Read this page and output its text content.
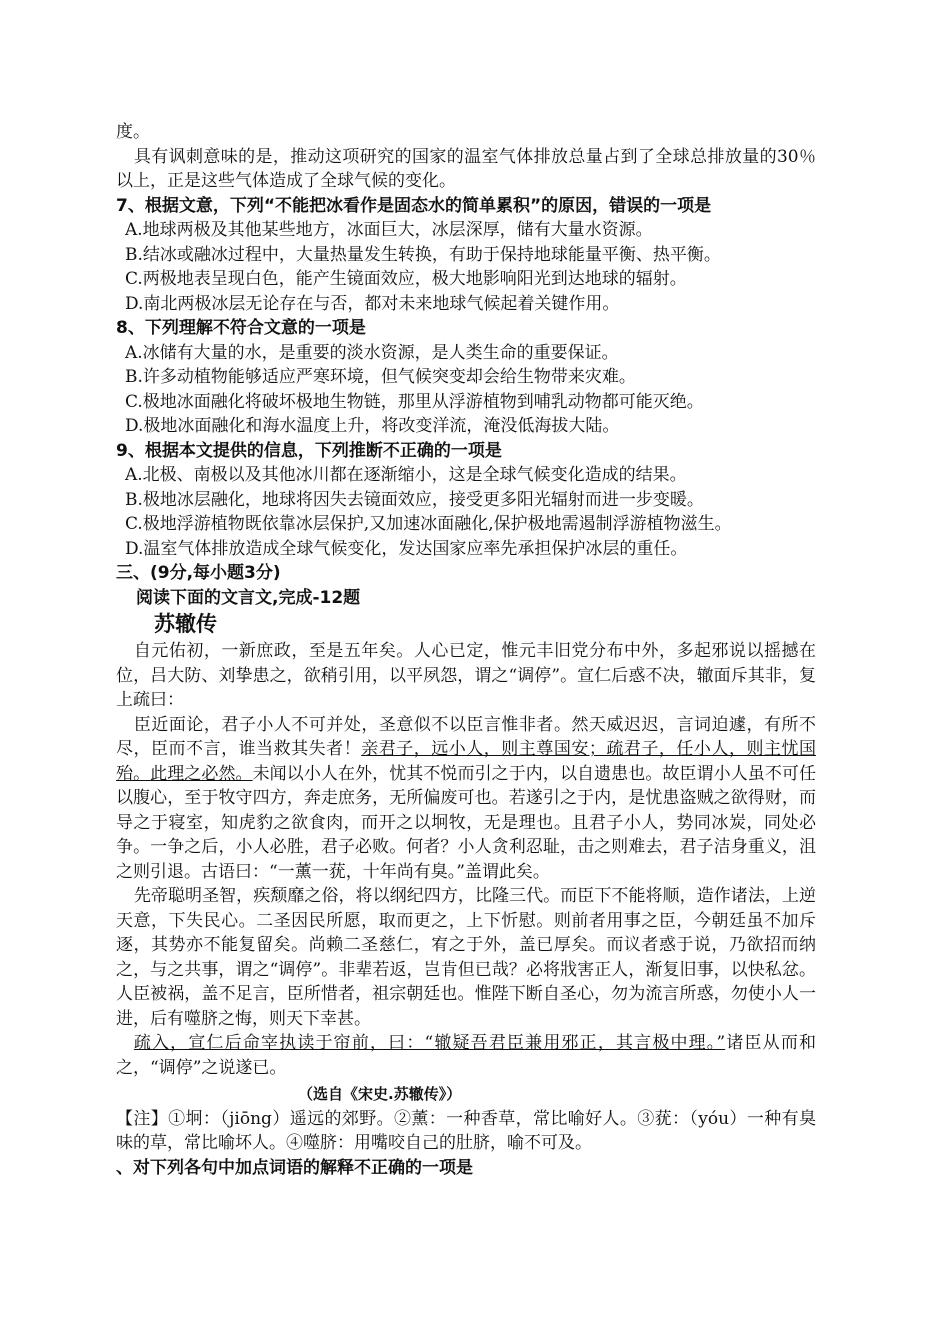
度。

具有讽刺意味的是，推动这项研究的国家的温室气体排放总量占到了全球总排放量的30％以上，正是这些气体造成了全球气候的变化。

7、根据文意，下列“不能把冰看作是固态水的简单累积”的原因，错误的一项是

A.地球两极及其他某些地方，冰面巨大，冰层深厚，储有大量水资源。

B.结冰或融冰过程中，大量热量发生转换，有助于保持地球能量平衡、热平衡。

C.两极地表呈现白色，能产生镜面效应，极大地影响阳光到达地球的辐射。

D.南北两极冰层无论存在与否，都对未来地球气候起着关键作用。

8、下列理解不符合文意的一项是

A.冰储有大量的水，是重要的淡水资源，是人类生命的重要保证。

B.许多动植物能够适应严寒环境，但气候突变却会给生物带来灾难。

C.极地冰面融化将破坏极地生物链，那里从浮游植物到哺乳动物都可能灭绝。

D.极地冰面融化和海水温度上升，将改变洋流，淹没低海拔大陆。

9、根据本文提供的信息，下列推断不正确的一项是

A.北极、南极以及其他冰川都在逐渐缩小，这是全球气候变化造成的结果。

B.极地冰层融化，地球将因失去镜面效应，接受更多阳光辐射而进一步变暖。

C.极地浮游植物既依靠冰层保护,又加速冰面融化,保护极地需遏制浮游植物滋生。

D.温室气体排放造成全球气候变化，发达国家应率先承担保护冰层的重任。

三、(9分,每小题3分)

阅读下面的文言文,完成-12题

苏辙传

自元佑初，一新庶政，至是五年矣。人心已定，惟元丰旧党分布中外，多起邪说以摇撼在位，吕大防、刘挚患之，欲稍引用，以平夙怨，谓之“调停”。宣仁后惑不决，辙面斥其非，复上疏曰：

臣近面论，君子小人不可并处，圣意似不以臣言惟非者。然天威迟迟，言词迫遽，有所不尽，臣而不言，谁当救其失者！亲君子，远小人，则主尊国安；疏君子，任小人，则主忧国殆。此理之必然。未闻以小人在外，忧其不悦而引之于内，以自遗患也。故臣谓小人虽不可任以腹心，至于牧守四方，奔走庶务，无所偏废可也。若遂引之于内，是忧患盗贼之欲得财，而导之于寝室，知虎豹之欲食肉，而开之以坰牧，无是理也。且君子小人，势同冰炭，同处必争。一争之后，小人必胜，君子必败。何者？小人贪利忍耻，击之则难去，君子洁身重义，沮之则引退。古语曰：“一薰一莸，十年尚有臭。”盖谓此矣。

先帝聪明圣智，疾颓靡之俗，将以纲纪四方，比隆三代。而臣下不能将顺，造作诸法，上逆天意，下失民心。二圣因民所愿，取而更之，上下忻慰。则前者用事之臣，今朝廷虽不加斥逐，其势亦不能复留矣。尚赖二圣慈仁，宥之于外，盖已厚矣。而议者惑于说，乃欲招而纳之，与之共事，谓之“调停”。非辈若返，岂肯但已哉？必将戕害正人，渐复旧事，以快私忿。人臣被祸，盖不足言，臣所惜者，祖宗朝廷也。惟陛下断自圣心，勿为流言所惑，勿使小人一进，后有噬脐之悔，则天下幸甚。

疏入，宣仁后命宰执读于帘前，曰：“辙疑吾君臣兼用邪正，其言极中理。”诸臣从而和之，“调停”之说遂已。

（选自《宋史.苏辙传》）

【注】①坰：（jiōng）遥远的郊野。②薰：一种香草，常比喻好人。③莸：（yóu）一种有臭味的草，常比喻坏人。④噬脐：用嘴咬自己的肚脐，喻不可及。

、对下列各句中加点词语的解释不正确的一项是
